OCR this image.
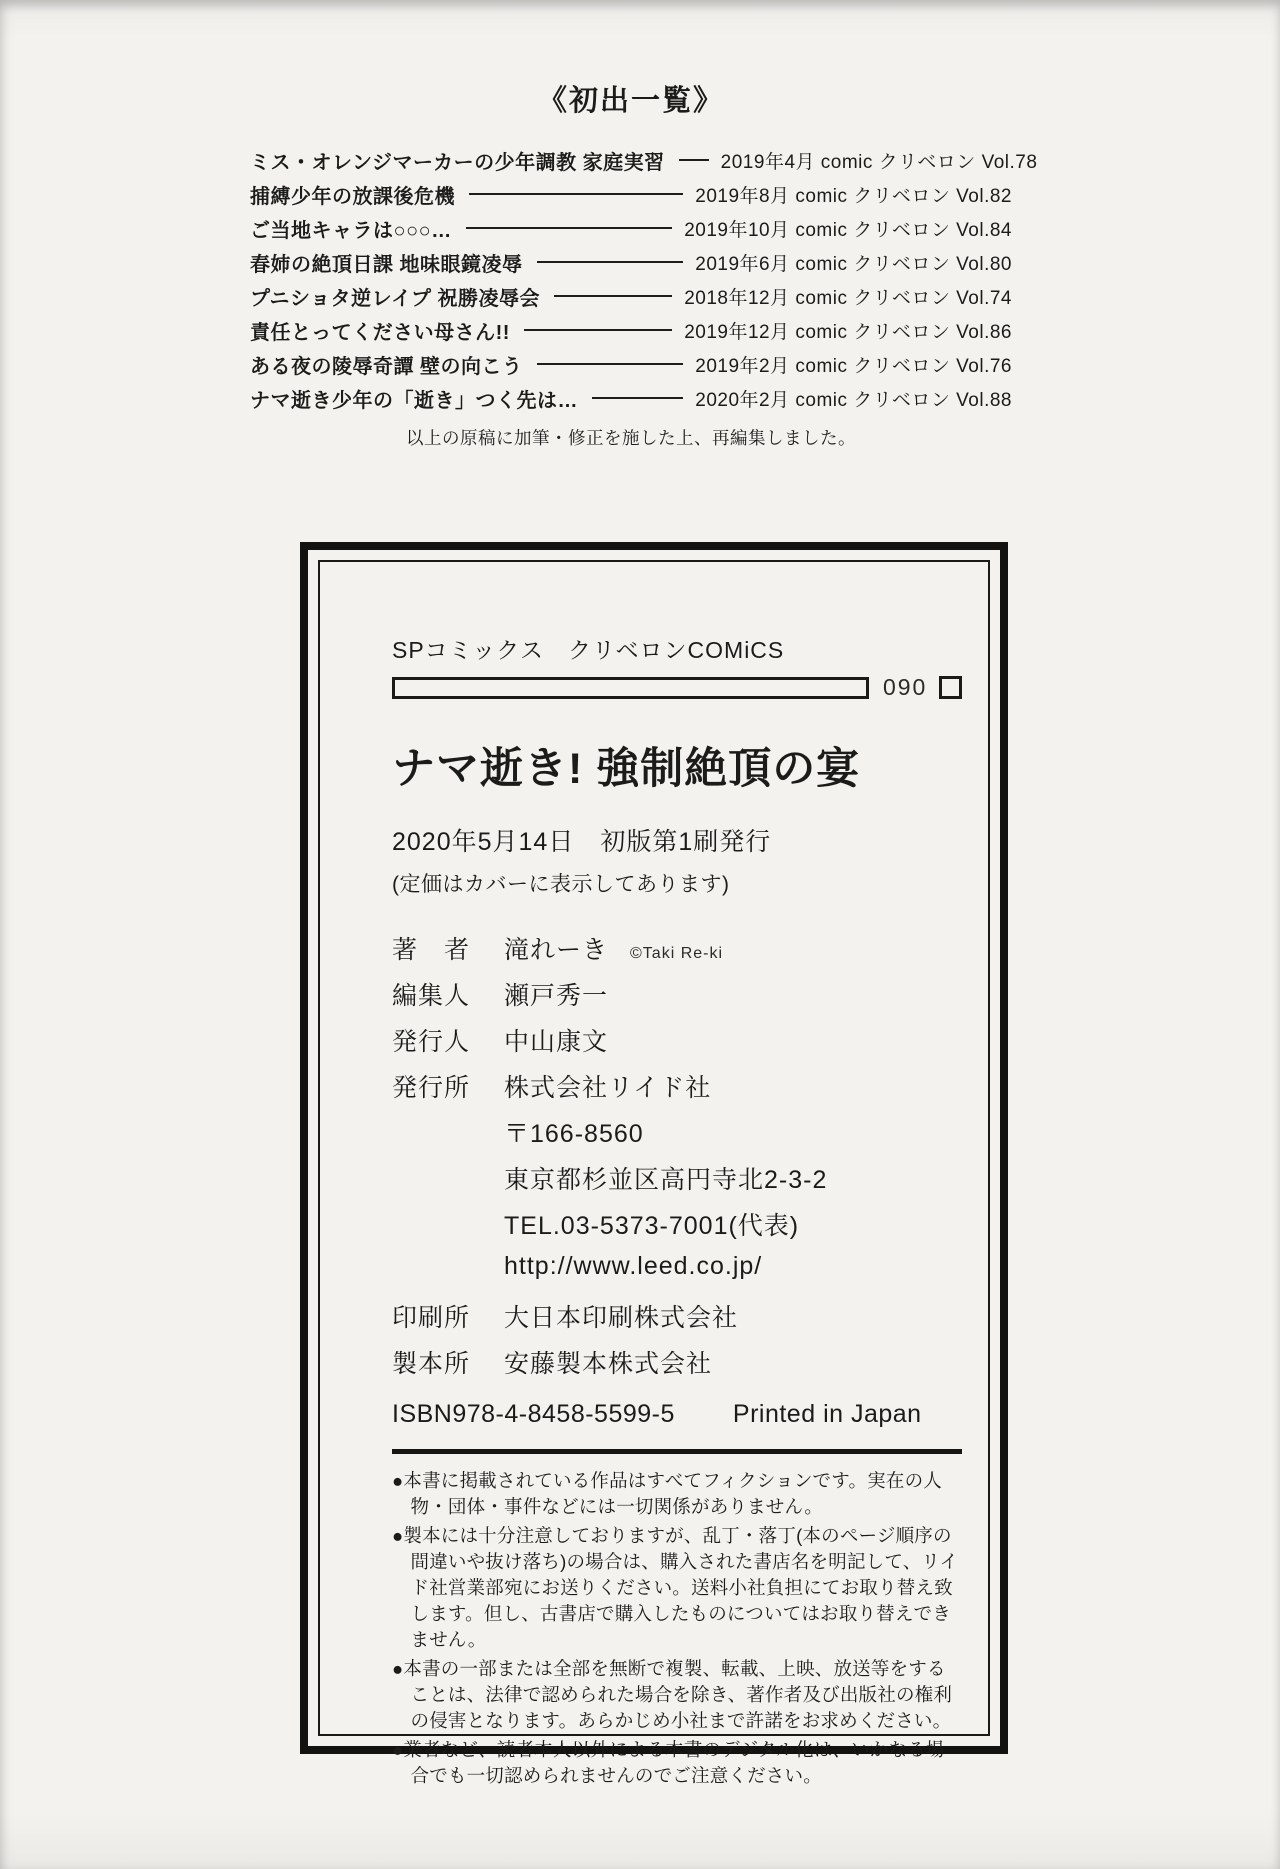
《初出一覧》
ミス・オレンジマーカーの少年調教 家庭実習	2019年4月 comic クリベロン Vol.78
捕縛少年の放課後危機	2019年8月 comic クリベロン Vol.82
ご当地キャラは○○○…	2019年10月 comic クリベロン Vol.84
春姉の絶頂日課 地味眼鏡凌辱	2019年6月 comic クリベロン Vol.80
プニショタ逆レイプ 祝勝凌辱会	2018年12月 comic クリベロン Vol.74
責任とってください母さん!!	2019年12月 comic クリベロン Vol.86
ある夜の陵辱奇譚 壁の向こう	2019年2月 comic クリベロン Vol.76
ナマ逝き少年の「逝き」つく先は…	2020年2月 comic クリベロン Vol.88
以上の原稿に加筆・修正を施した上、再編集しました。
SPコミックス　クリベロンCOMiCS
090
ナマ逝き! 強制絶頂の宴
2020年5月14日　初版第1刷発行
(定価はカバーに表示してあります)
著　者	滝れーき ©Taki Re-ki
編集人	瀬戸秀一
発行人	中山康文
発行所	株式会社リイド社
〒166-8560
東京都杉並区高円寺北2-3-2
TEL.03-5373-7001(代表)
http://www.leed.co.jp/
印刷所	大日本印刷株式会社
製本所	安藤製本株式会社
ISBN978-4-8458-5599-5 Printed in Japan
●本書に掲載されている作品はすべてフィクションです。実在の人物・団体・事件などには一切関係がありません。
●製本には十分注意しておりますが、乱丁・落丁(本のページ順序の間違いや抜け落ち)の場合は、購入された書店名を明記して、リイド社営業部宛にお送りください。送料小社負担にてお取り替え致します。但し、古書店で購入したものについてはお取り替えできません。
●本書の一部または全部を無断で複製、転載、上映、放送等をすることは、法律で認められた場合を除き、著作者及び出版社の権利の侵害となります。あらかじめ小社まで許諾をお求めください。
●業者など、読者本人以外による本書のデジタル化は、いかなる場合でも一切認められませんのでご注意ください。
